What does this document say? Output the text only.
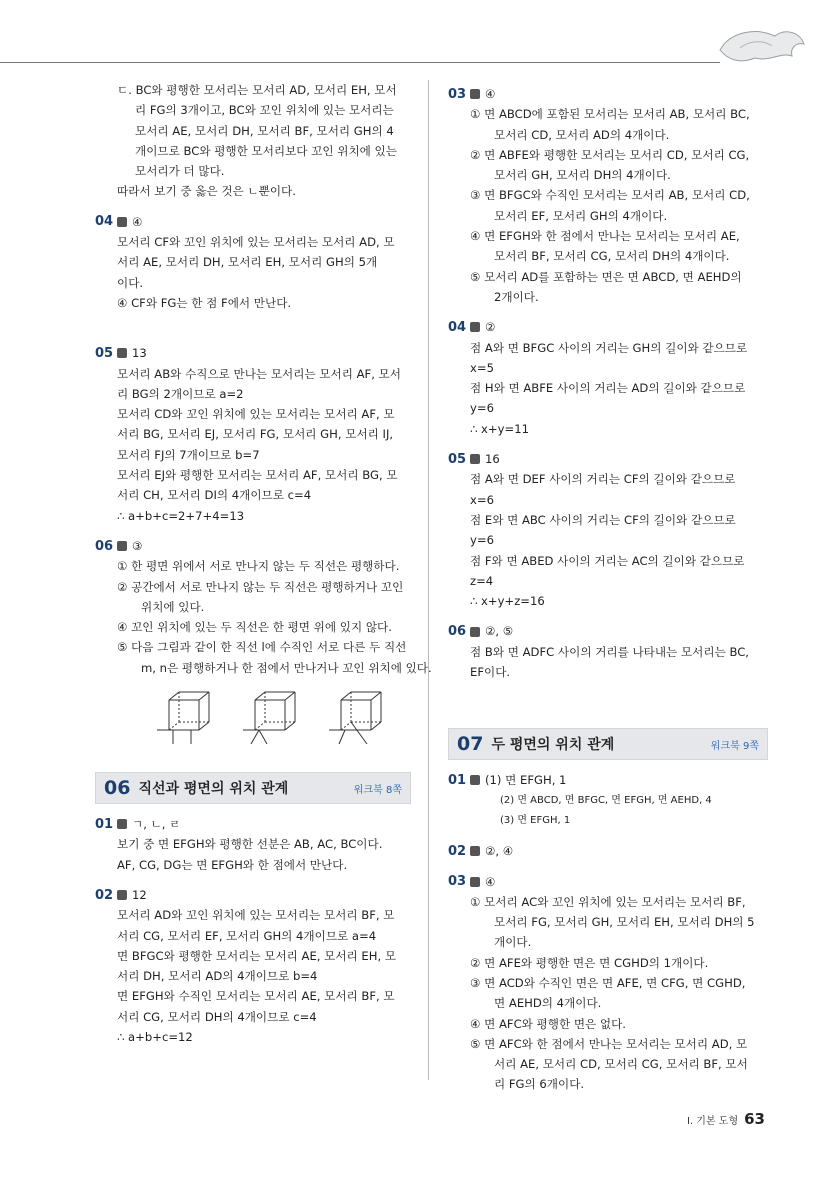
ㄷ. BC와 평행한 모서리는 모서리 AD, 모서리 EH, 모서
리 FG의 3개이고, BC와 꼬인 위치에 있는 모서리는
모서리 AE, 모서리 DH, 모서리 BF, 모서리 GH의 4
개이므로 BC와 평행한 모서리보다 꼬인 위치에 있는
모서리가 더 많다.
따라서 보기 중 옳은 것은 ㄴ뿐이다.
04	④
모서리 CF와 꼬인 위치에 있는 모서리는 모서리 AD, 모
서리 AE, 모서리 DH, 모서리 EH, 모서리 GH의 5개
이다.
④ CF와 FG는 한 점 F에서 만난다.
05	13
모서리 AB와 수직으로 만나는 모서리는 모서리 AF, 모서
리 BG의 2개이므로 a=2
모서리 CD와 꼬인 위치에 있는 모서리는 모서리 AF, 모
서리 BG, 모서리 EJ, 모서리 FG, 모서리 GH, 모서리 IJ,
모서리 FJ의 7개이므로 b=7
모서리 EJ와 평행한 모서리는 모서리 AF, 모서리 BG, 모
서리 CH, 모서리 DI의 4개이므로 c=4
∴ a+b+c=2+7+4=13
06	③
① 한 평면 위에서 서로 만나지 않는 두 직선은 평행하다.
② 공간에서 서로 만나지 않는 두 직선은 평행하거나 꼬인
위치에 있다.
④ 꼬인 위치에 있는 두 직선은 한 평면 위에 있지 않다.
⑤ 다음 그림과 같이 한 직선 l에 수직인 서로 다른 두 직선
m, n은 평행하거나 한 점에서 만나거나 꼬인 위치에 있다.
06 직선과 평면의 위치 관계	워크북 8쪽
01	ㄱ, ㄴ, ㄹ
보기 중 면 EFGH와 평행한 선분은 AB, AC, BC이다.
AF, CG, DG는 면 EFGH와 한 점에서 만난다.
02	12
모서리 AD와 꼬인 위치에 있는 모서리는 모서리 BF, 모
서리 CG, 모서리 EF, 모서리 GH의 4개이므로 a=4
면 BFGC와 평행한 모서리는 모서리 AE, 모서리 EH, 모
서리 DH, 모서리 AD의 4개이므로 b=4
면 EFGH와 수직인 모서리는 모서리 AE, 모서리 BF, 모
서리 CG, 모서리 DH의 4개이므로 c=4
∴ a+b+c=12
03	④
① 면 ABCD에 포함된 모서리는 모서리 AB, 모서리 BC,
모서리 CD, 모서리 AD의 4개이다.
② 면 ABFE와 평행한 모서리는 모서리 CD, 모서리 CG,
모서리 GH, 모서리 DH의 4개이다.
③ 면 BFGC와 수직인 모서리는 모서리 AB, 모서리 CD,
모서리 EF, 모서리 GH의 4개이다.
④ 면 EFGH와 한 점에서 만나는 모서리는 모서리 AE,
모서리 BF, 모서리 CG, 모서리 DH의 4개이다.
⑤ 모서리 AD를 포함하는 면은 면 ABCD, 면 AEHD의
2개이다.
04	②
점 A와 면 BFGC 사이의 거리는 GH의 길이와 같으므로
x=5
점 H와 면 ABFE 사이의 거리는 AD의 길이와 같으므로
y=6
∴ x+y=11
05	16
점 A와 면 DEF 사이의 거리는 CF의 길이와 같으므로
x=6
점 E와 면 ABC 사이의 거리는 CF의 길이와 같으므로
y=6
점 F와 면 ABED 사이의 거리는 AC의 길이와 같으므로
z=4
∴ x+y+z=16
06	②, ⑤
점 B와 면 ADFC 사이의 거리를 나타내는 모서리는 BC,
EF이다.
07 두 평면의 위치 관계	워크북 9쪽
01	(1) 면 EFGH, 1
(2) 면 ABCD, 면 BFGC, 면 EFGH, 면 AEHD, 4
(3) 면 EFGH, 1
02	②, ④
03	④
① 모서리 AC와 꼬인 위치에 있는 모서리는 모서리 BF,
모서리 FG, 모서리 GH, 모서리 EH, 모서리 DH의 5
개이다.
② 면 AFE와 평행한 면은 면 CGHD의 1개이다.
③ 면 ACD와 수직인 면은 면 AFE, 면 CFG, 면 CGHD,
면 AEHD의 4개이다.
④ 면 AFC와 평행한 면은 없다.
⑤ 면 AFC와 한 점에서 만나는 모서리는 모서리 AD, 모
서리 AE, 모서리 CD, 모서리 CG, 모서리 BF, 모서
리 FG의 6개이다.
I. 기본 도형 63
